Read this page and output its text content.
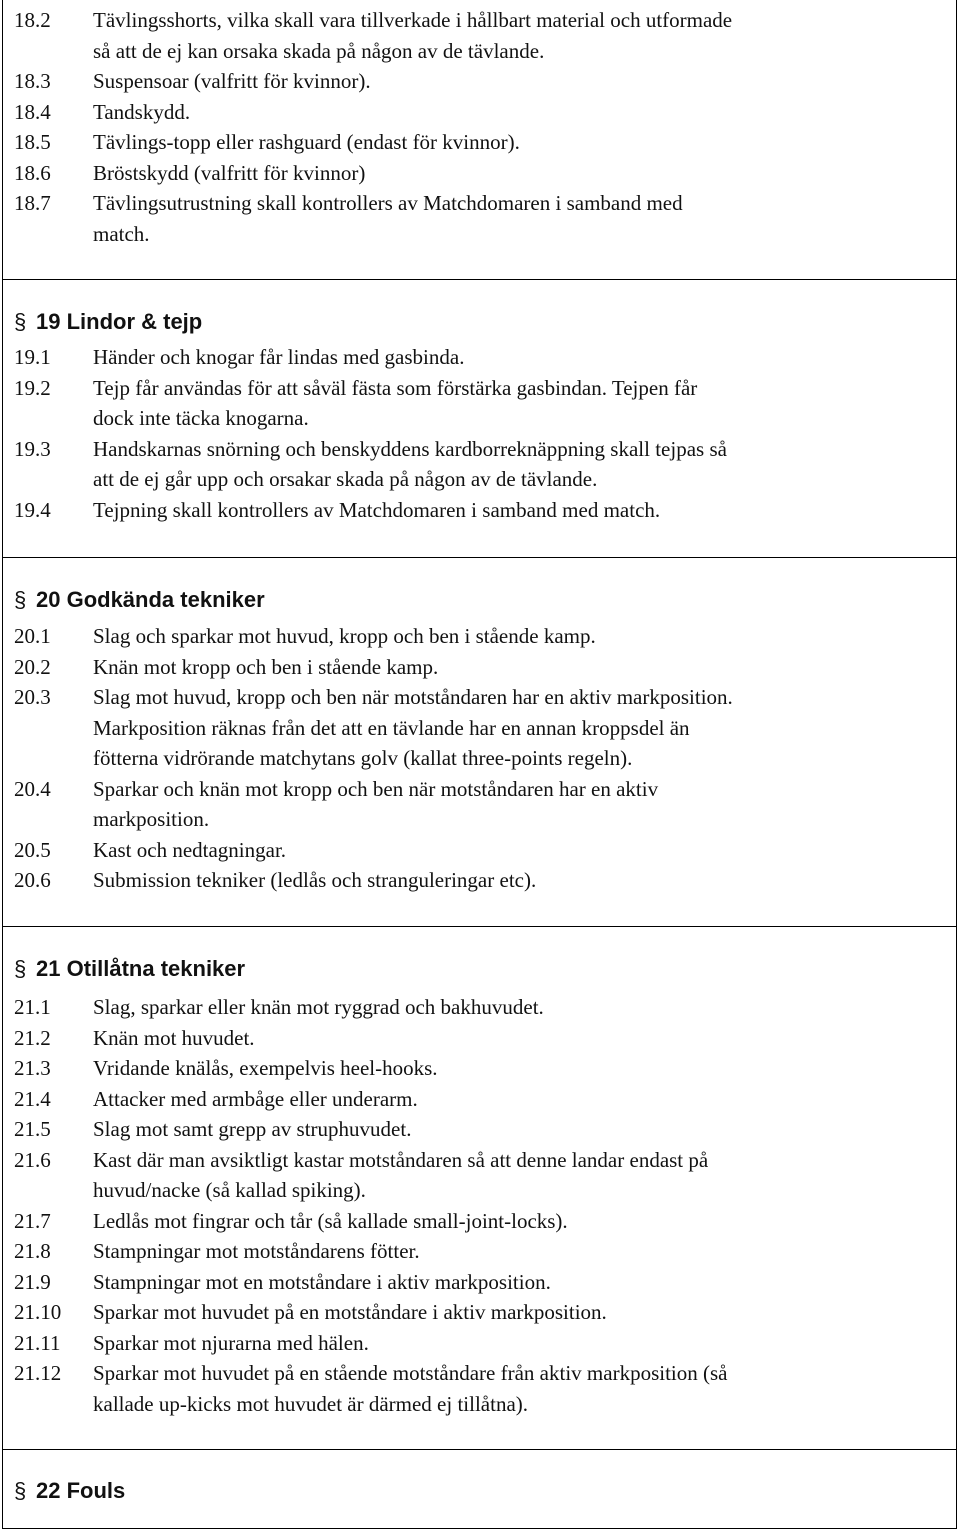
18.2 Tävlingsshorts, vilka skall vara tillverkade i hållbart material och utformade
så att de ej kan orsaka skada på någon av de tävlande.
18.3 Suspensoar (valfritt för kvinnor).
18.4 Tandskydd.
18.5 Tävlings-topp eller rashguard (endast för kvinnor).
18.6 Bröstskydd (valfritt för kvinnor)
18.7 Tävlingsutrustning skall kontrollers av Matchdomaren i samband med
match.
§ 19 Lindor & tejp
19.1 Händer och knogar får lindas med gasbinda.
19.2 Tejp får användas för att såväl fästa som förstärka gasbindan. Tejpen får
dock inte täcka knogarna.
19.3 Handskarnas snörning och benskyddens kardborreknäppning skall tejpas så
att de ej går upp och orsakar skada på någon av de tävlande.
19.4 Tejpning skall kontrollers av Matchdomaren i samband med match.
§ 20 Godkända tekniker
20.1 Slag och sparkar mot huvud, kropp och ben i stående kamp.
20.2 Knän mot kropp och ben i stående kamp.
20.3 Slag mot huvud, kropp och ben när motståndaren har en aktiv markposition.
Markposition räknas från det att en tävlande har en annan kroppsdel än
fötterna vidrörande matchytans golv (kallat three-points regeln).
20.4 Sparkar och knän mot kropp och ben när motståndaren har en aktiv
markposition.
20.5 Kast och nedtagningar.
20.6 Submission tekniker (ledlås och stranguleringar etc).
§ 21 Otillåtna tekniker
21.1 Slag, sparkar eller knän mot ryggrad och bakhuvudet.
21.2 Knän mot huvudet.
21.3 Vridande knälås, exempelvis heel-hooks.
21.4 Attacker med armbåge eller underarm.
21.5 Slag mot samt grepp av struphuvudet.
21.6 Kast där man avsiktligt kastar motståndaren så att denne landar endast på
huvud/nacke (så kallad spiking).
21.7 Ledlås mot fingrar och tår (så kallade small-joint-locks).
21.8 Stampningar mot motståndarens fötter.
21.9 Stampningar mot en motståndare i aktiv markposition.
21.10 Sparkar mot huvudet på en motståndare i aktiv markposition.
21.11 Sparkar mot njurarna med hälen.
21.12 Sparkar mot huvudet på en stående motståndare från aktiv markposition (så
kallade up-kicks mot huvudet är därmed ej tillåtna).
§ 22 Fouls
